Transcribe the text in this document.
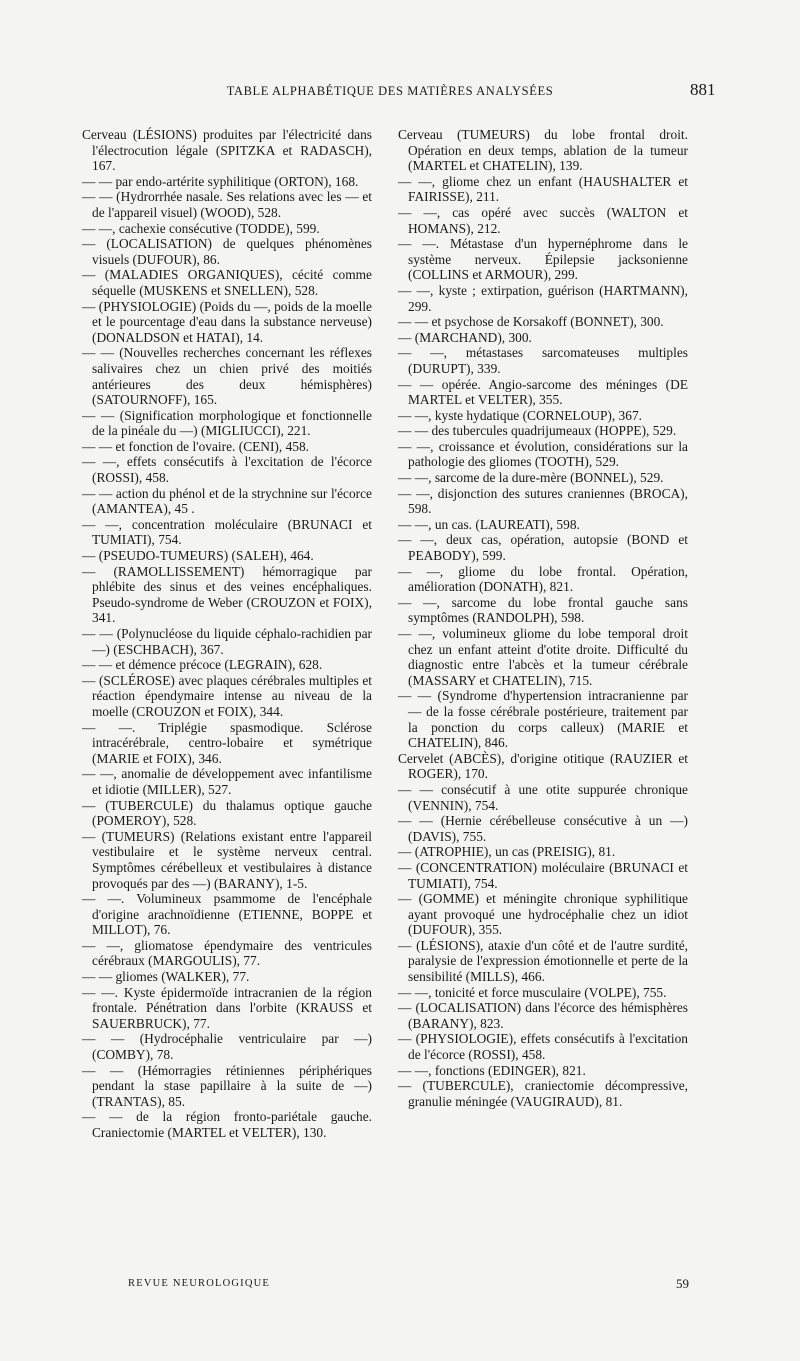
TABLE ALPHABÉTIQUE DES MATIÈRES ANALYSÉES	881

Cerveau (LÉSIONS) produites par l'électricité dans l'électrocution légale (SPITZKA et RADASCH), 167.

— — par endo-artérite syphilitique (ORTON), 168.

— — (Hydrorrhée nasale. Ses relations avec les — et de l'appareil visuel) (WOOD), 528.

— —, cachexie consécutive (TODDE), 599.

— (LOCALISATION) de quelques phénomènes visuels (DUFOUR), 86.

— (MALADIES ORGANIQUES), cécité comme séquelle (MUSKENS et SNELLEN), 528.

— (PHYSIOLOGIE) (Poids du —, poids de la moelle et le pourcentage d'eau dans la substance nerveuse) (DONALDSON et HATAI), 14.

— — (Nouvelles recherches concernant les réflexes salivaires chez un chien privé des moitiés antérieures des deux hémisphères) (SATOURNOFF), 165.

— — (Signification morphologique et fonctionnelle de la pinéale du —) (MIGLIUCCI), 221.

— — et fonction de l'ovaire. (CENI), 458.

— —, effets consécutifs à l'excitation de l'écorce (ROSSI), 458.

— — action du phénol et de la strychnine sur l'écorce (AMANTEA), 45 .

— —, concentration moléculaire (BRUNACI et TUMIATI), 754.

— (PSEUDO-TUMEURS) (SALEH), 464.

— (RAMOLLISSEMENT) hémorragique par phlébite des sinus et des veines encéphaliques. Pseudo-syndrome de Weber (CROUZON et FOIX), 341.

— — (Polynucléose du liquide céphalo-rachidien par —) (ESCHBACH), 367.

— — et démence précoce (LEGRAIN), 628.

— (SCLÉROSE) avec plaques cérébrales multiples et réaction épendymaire intense au niveau de la moelle (CROUZON et FOIX), 344.

— —. Triplégie spasmodique. Sclérose intracérébrale, centro-lobaire et symétrique (MARIE et FOIX), 346.

— —, anomalie de développement avec infantilisme et idiotie (MILLER), 527.

— (TUBERCULE) du thalamus optique gauche (POMEROY), 528.

— (TUMEURS) (Relations existant entre l'appareil vestibulaire et le système nerveux central. Symptômes cérébelleux et vestibulaires à distance provoqués par des —) (BARANY), 1-5.

— —. Volumineux psammome de l'encéphale d'origine arachnoïdienne (ETIENNE, BOPPE et MILLOT), 76.

— —, gliomatose épendymaire des ventricules cérébraux (MARGOULIS), 77.

— — gliomes (WALKER), 77.

— —. Kyste épidermoïde intracranien de la région frontale. Pénétration dans l'orbite (KRAUSS et SAUERBRUCK), 77.

— — (Hydrocéphalie ventriculaire par —) (COMBY), 78.

— — (Hémorragies rétiniennes périphériques pendant la stase papillaire à la suite de —) (TRANTAS), 85.

— — de la région fronto-pariétale gauche. Craniectomie (MARTEL et VELTER), 130.

Cerveau (TUMEURS) du lobe frontal droit. Opération en deux temps, ablation de la tumeur (MARTEL et CHATELIN), 139.

— —, gliome chez un enfant (HAUSHALTER et FAIRISSE), 211.

— —, cas opéré avec succès (WALTON et HOMANS), 212.

— —. Métastase d'un hypernéphrome dans le système nerveux. Épilepsie jacksonienne (COLLINS et ARMOUR), 299.

— —, kyste ; extirpation, guérison (HARTMANN), 299.

— — et psychose de Korsakoff (BONNET), 300.

— (MARCHAND), 300.

— —, métastases sarcomateuses multiples (DURUPT), 339.

— — opérée. Angio-sarcome des méninges (DE MARTEL et VELTER), 355.

— —, kyste hydatique (CORNELOUP), 367.

— — des tubercules quadrijumeaux (HOPPE), 529.

— —, croissance et évolution, considérations sur la pathologie des gliomes (TOOTH), 529.

— —, sarcome de la dure-mère (BONNEL), 529.

— —, disjonction des sutures craniennes (BROCA), 598.

— —, un cas. (LAUREATI), 598.

— —, deux cas, opération, autopsie (BOND et PEABODY), 599.

— —, gliome du lobe frontal. Opération, amélioration (DONATH), 821.

— —, sarcome du lobe frontal gauche sans symptômes (RANDOLPH), 598.

— —, volumineux gliome du lobe temporal droit chez un enfant atteint d'otite droite. Difficulté du diagnostic entre l'abcès et la tumeur cérébrale (MASSARY et CHATELIN), 715.

— — (Syndrome d'hypertension intracranienne par — de la fosse cérébrale postérieure, traitement par la ponction du corps calleux) (MARIE et CHATELIN), 846.

Cervelet (ABCÈS), d'origine otitique (RAUZIER et ROGER), 170.

— — consécutif à une otite suppurée chronique (VENNIN), 754.

— — (Hernie cérébelleuse consécutive à un —) (DAVIS), 755.

— (ATROPHIE), un cas (PREISIG), 81.

— (CONCENTRATION) moléculaire (BRUNACI et TUMIATI), 754.

— (GOMME) et méningite chronique syphilitique ayant provoqué une hydrocéphalie chez un idiot (DUFOUR), 355.

— (LÉSIONS), ataxie d'un côté et de l'autre surdité, paralysie de l'expression émotionnelle et perte de la sensibilité (MILLS), 466.

— —, tonicité et force musculaire (VOLPE), 755.

— (LOCALISATION) dans l'écorce des hémisphères (BARANY), 823.

— (PHYSIOLOGIE), effets consécutifs à l'excitation de l'écorce (ROSSI), 458.

— —, fonctions (EDINGER), 821.

— (TUBERCULE), craniectomie décompressive, granulie méningée (VAUGIRAUD), 81.

REVUE NEUROLOGIQUE	59
